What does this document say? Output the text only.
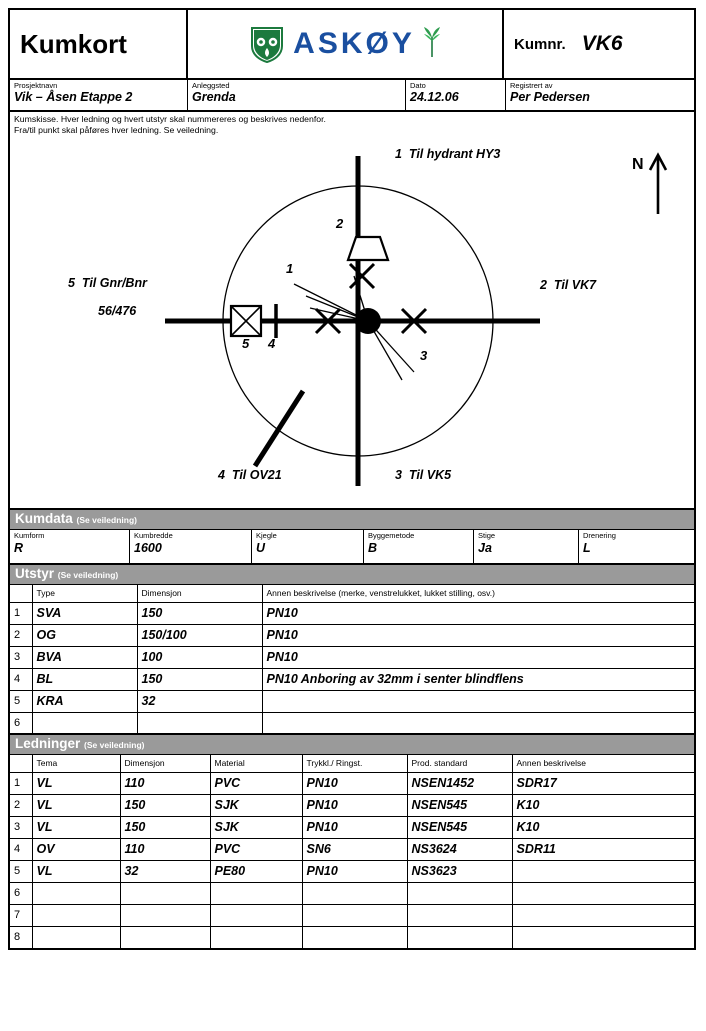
Kumkort	ASKØY	Kumnr. VK6
Prosjektnavn
Vik – Åsen Etappe 2
Anleggsted
Grenda
Dato
24.12.06
Registrert av
Per Pedersen
Kumskisse. Hver ledning og hvert utstyr skal nummereres og beskrives nedenfor.
Fra/til punkt skal påføres hver ledning. Se veiledning.
N
1 Til hydrant HY3
2 Til VK7
3 Til VK5
4 Til OV21
5 Til Gnr/Bnr
56/476
1
2
3
4
5
Kumdata (Se veiledning)
Kumform
R
Kumbredde
1600
Kjegle
U
Byggemetode
B
Stige
Ja
Drenering
L
Utstyr (Se veiledning)
	Type	Dimensjon	Annen beskrivelse (merke, venstrelukket, lukket stilling, osv.)
1	SVA	150	PN10
2	OG	150/100	PN10
3	BVA	100	PN10
4	BL	150	PN10 Anboring av 32mm i senter blindflens
5	KRA	32	
6			
Ledninger (Se veiledning)
	Tema	Dimensjon	Material	Trykkl./ Ringst.	Prod. standard	Annen beskrivelse
1	VL	110	PVC	PN10	NSEN1452	SDR17
2	VL	150	SJK	PN10	NSEN545	K10
3	VL	150	SJK	PN10	NSEN545	K10
4	OV	110	PVC	SN6	NS3624	SDR11
5	VL	32	PE80	PN10	NS3623	
6						
7						
8						
